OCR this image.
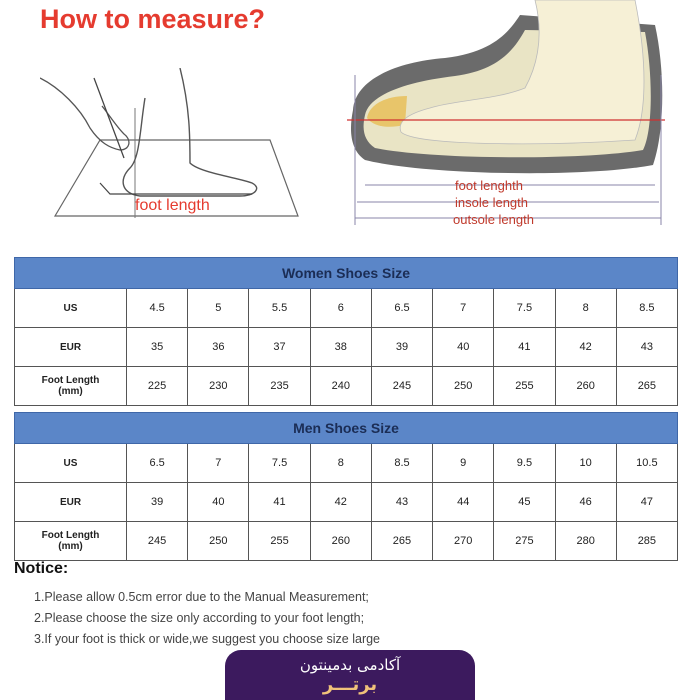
How to measure?
foot length
foot lenghth
insole length
outsole length
Women Shoes Size									
US	4.5	5	5.5	6	6.5	7	7.5	8	8.5
EUR	35	36	37	38	39	40	41	42	43
Foot Length
(mm)	225	230	235	240	245	250	255	260	265
Men Shoes Size									
US	6.5	7	7.5	8	8.5	9	9.5	10	10.5
EUR	39	40	41	42	43	44	45	46	47
Foot Length
(mm)	245	250	255	260	265	270	275	280	285
Notice:
1.Please allow 0.5cm error due to the Manual Measurement;
2.Please choose the size only according to your foot length;
3.If your foot is thick or wide,we suggest you choose size large
آکادمی بدمینتون
برتـــر
